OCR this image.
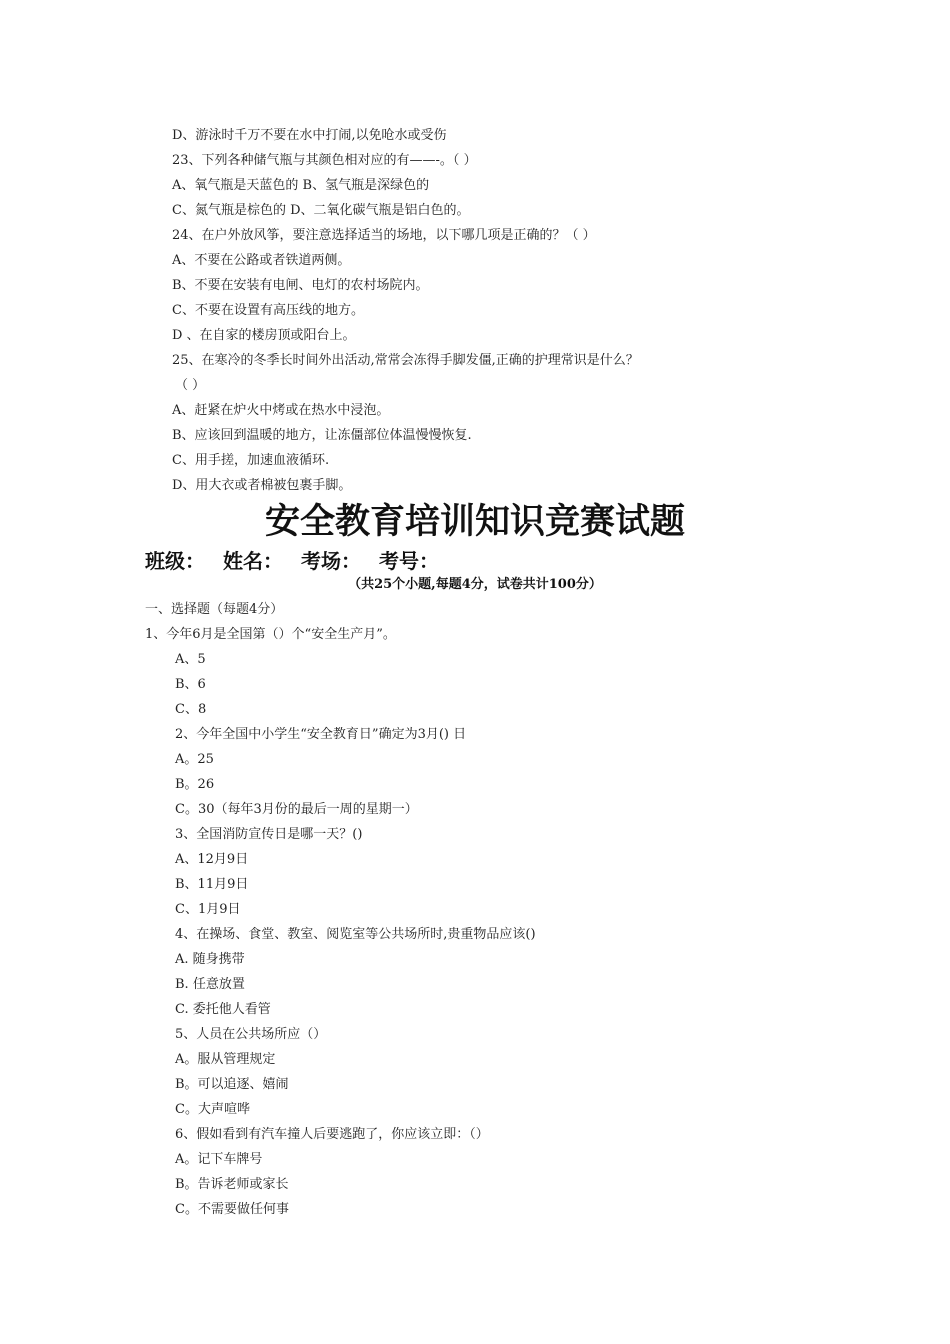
D、游泳时千万不要在水中打闹,以免呛水或受伤
23、下列各种储气瓶与其颜色相对应的有——-。（ ）
A、氧气瓶是天蓝色的 B、氢气瓶是深绿色的
C、氮气瓶是棕色的 D、二氧化碳气瓶是铝白色的。
24、在户外放风筝，要注意选择适当的场地，以下哪几项是正确的？（ ）
A、不要在公路或者铁道两侧。
B、不要在安装有电闸、电灯的农村场院内。
C、不要在设置有高压线的地方。
D 、在自家的楼房顶或阳台上。
25、在寒冷的冬季长时间外出活动,常常会冻得手脚发僵,正确的护理常识是什么？
（ ）
A、赶紧在炉火中烤或在热水中浸泡。
B、应该回到温暖的地方，让冻僵部位体温慢慢恢复.
C、用手搓，加速血液循环.
D、用大衣或者棉被包裹手脚。
安全教育培训知识竞赛试题
班级： 姓名： 考场： 考号：
（共25个小题,每题4分，试卷共计100分）
一、选择题（每题4分）
1、今年6月是全国第（）个“安全生产月”。
A、5
B、6
C、8
2、今年全国中小学生“安全教育日”确定为3月() 日
A。25
B。26
C。30（每年3月份的最后一周的星期一）
3、全国消防宣传日是哪一天？()
A、12月9日
B、11月9日
C、1月9日
4、在操场、食堂、教室、阅览室等公共场所时,贵重物品应该()
A. 随身携带
B. 任意放置
C. 委托他人看管
5、人员在公共场所应（）
A。服从管理规定
B。可以追逐、嬉闹
C。大声喧哗
6、假如看到有汽车撞人后要逃跑了，你应该立即：（）
A。记下车牌号
B。告诉老师或家长
C。不需要做任何事
